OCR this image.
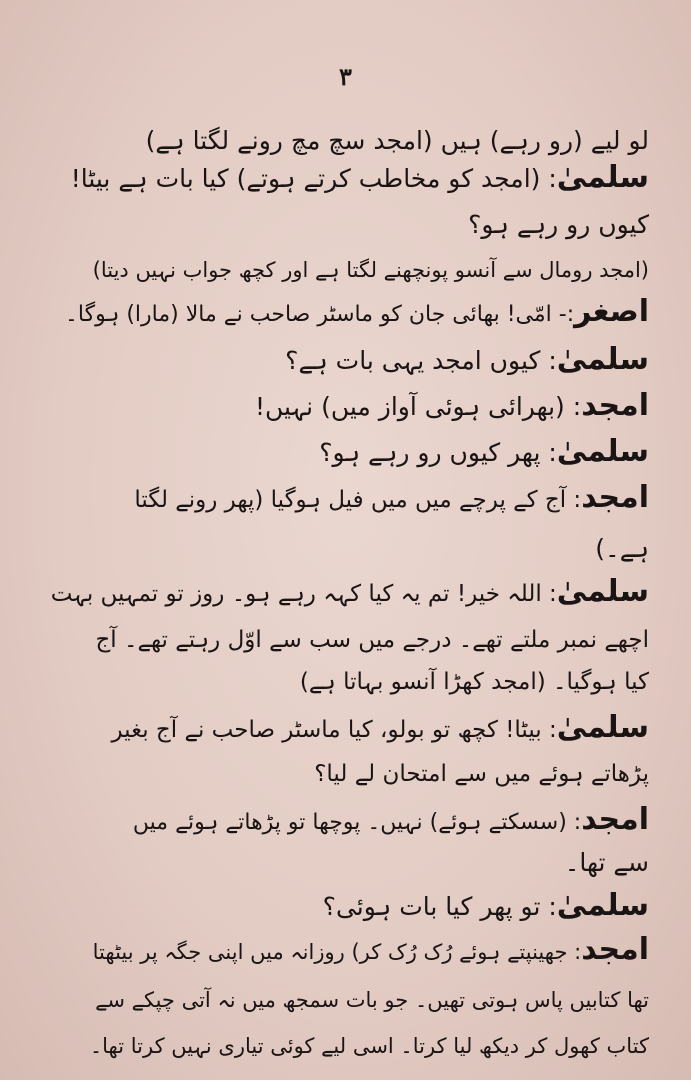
۳
لو لیے (رو رہے) ہیں (امجد سچ مچ رونے لگتا ہے)
سلمیٰ: (امجد کو مخاطب کرتے ہوتے) کیا بات ہے بیٹا!
کیوں رو رہے ہو؟
(امجد رومال سے آنسو پونچھنے لگتا ہے اور کچھ جواب نہیں دیتا)
اصغر:- امّی! بھائی جان کو ماسٹر صاحب نے مالا (مارا) ہوگا۔
سلمیٰ: کیوں امجد یہی بات ہے؟
امجد: (بھرائی ہوئی آواز میں) نہیں!
سلمیٰ: پھر کیوں رو رہے ہو؟
امجد: آج کے پرچے میں میں فیل ہوگیا (پھر رونے لگتا
ہے۔)
سلمیٰ: اللہ خیر! تم یہ کیا کہہ رہے ہو۔ روز تو تمہیں بہت
اچھے نمبر ملتے تھے۔ درجے میں سب سے اوّل رہتے تھے۔ آج
کیا ہوگیا۔ (امجد کھڑا آنسو بہاتا ہے)
سلمیٰ: بیٹا! کچھ تو بولو، کیا ماسٹر صاحب نے آج بغیر
پڑھاتے ہوئے میں سے امتحان لے لیا؟
امجد: (سسکتے ہوئے) نہیں۔ پوچھا تو پڑھاتے ہوئے میں
سے تھا۔
سلمیٰ: تو پھر کیا بات ہوئی؟
امجد: جھینپتے ہوئے رُک رُک کر) روزانہ میں اپنی جگہ پر بیٹھتا
تھا کتابیں پاس ہوتی تھیں۔ جو بات سمجھ میں نہ آتی چپکے سے
کتاب کھول کر دیکھ لیا کرتا۔ اسی لیے کوئی تیاری نہیں کرتا تھا۔
